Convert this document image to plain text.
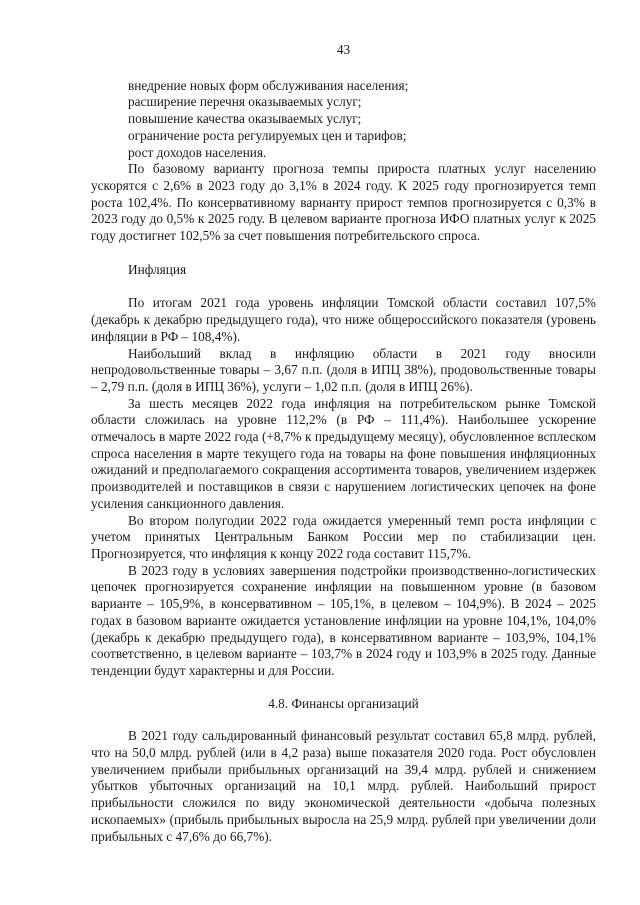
43

внедрение новых форм обслуживания населения;

расширение перечня оказываемых услуг;

повышение качества оказываемых услуг;

ограничение роста регулируемых цен и тарифов;

рост доходов населения.

По базовому варианту прогноза темпы прироста платных услуг населению ускорятся с 2,6% в 2023 году до 3,1% в 2024 году. К 2025 году прогнозируется темп роста 102,4%. По консервативному варианту прирост темпов прогнозируется с 0,3% в 2023 году до 0,5% к 2025 году. В целевом варианте прогноза ИФО платных услуг к 2025 году достигнет 102,5% за счет повышения потребительского спроса.

Инфляция

По итогам 2021 года уровень инфляции Томской области составил 107,5% (декабрь к декабрю предыдущего года), что ниже общероссийского показателя (уровень инфляции в РФ – 108,4%).

Наибольший вклад в инфляцию области в 2021 году вносили непродовольственные товары – 3,67 п.п. (доля в ИПЦ 38%), продовольственные товары – 2,79 п.п. (доля в ИПЦ 36%), услуги – 1,02 п.п. (доля в ИПЦ 26%).

За шесть месяцев 2022 года инфляция на потребительском рынке Томской области сложилась на уровне 112,2% (в РФ – 111,4%). Наибольшее ускорение отмечалось в марте 2022 года (+8,7% к предыдущему месяцу), обусловленное всплеском спроса населения в марте текущего года на товары на фоне повышения инфляционных ожиданий и предполагаемого сокращения ассортимента товаров, увеличением издержек производителей и поставщиков в связи с нарушением логистических цепочек на фоне усиления санкционного давления.

Во втором полугодии 2022 года ожидается умеренный темп роста инфляции с учетом принятых Центральным Банком России мер по стабилизации цен. Прогнозируется, что инфляция к концу 2022 года составит 115,7%.

В 2023 году в условиях завершения подстройки производственно-логистических цепочек прогнозируется сохранение инфляции на повышенном уровне (в базовом варианте – 105,9%, в консервативном – 105,1%, в целевом – 104,9%). В 2024 – 2025 годах в базовом варианте ожидается установление инфляции на уровне 104,1%, 104,0% (декабрь к декабрю предыдущего года), в консервативном варианте – 103,9%, 104,1% соответственно, в целевом варианте – 103,7% в 2024 году и 103,9% в 2025 году. Данные тенденции будут характерны и для России.

4.8. Финансы организаций

В 2021 году сальдированный финансовый результат составил 65,8 млрд. рублей, что на 50,0 млрд. рублей (или в 4,2 раза) выше показателя 2020 года. Рост обусловлен увеличением прибыли прибыльных организаций на 39,4 млрд. рублей и снижением убытков убыточных организаций на 10,1 млрд. рублей. Наибольший прирост прибыльности сложился по виду экономической деятельности «добыча полезных ископаемых» (прибыль прибыльных выросла на 25,9 млрд. рублей при увеличении доли прибыльных с 47,6% до 66,7%).
